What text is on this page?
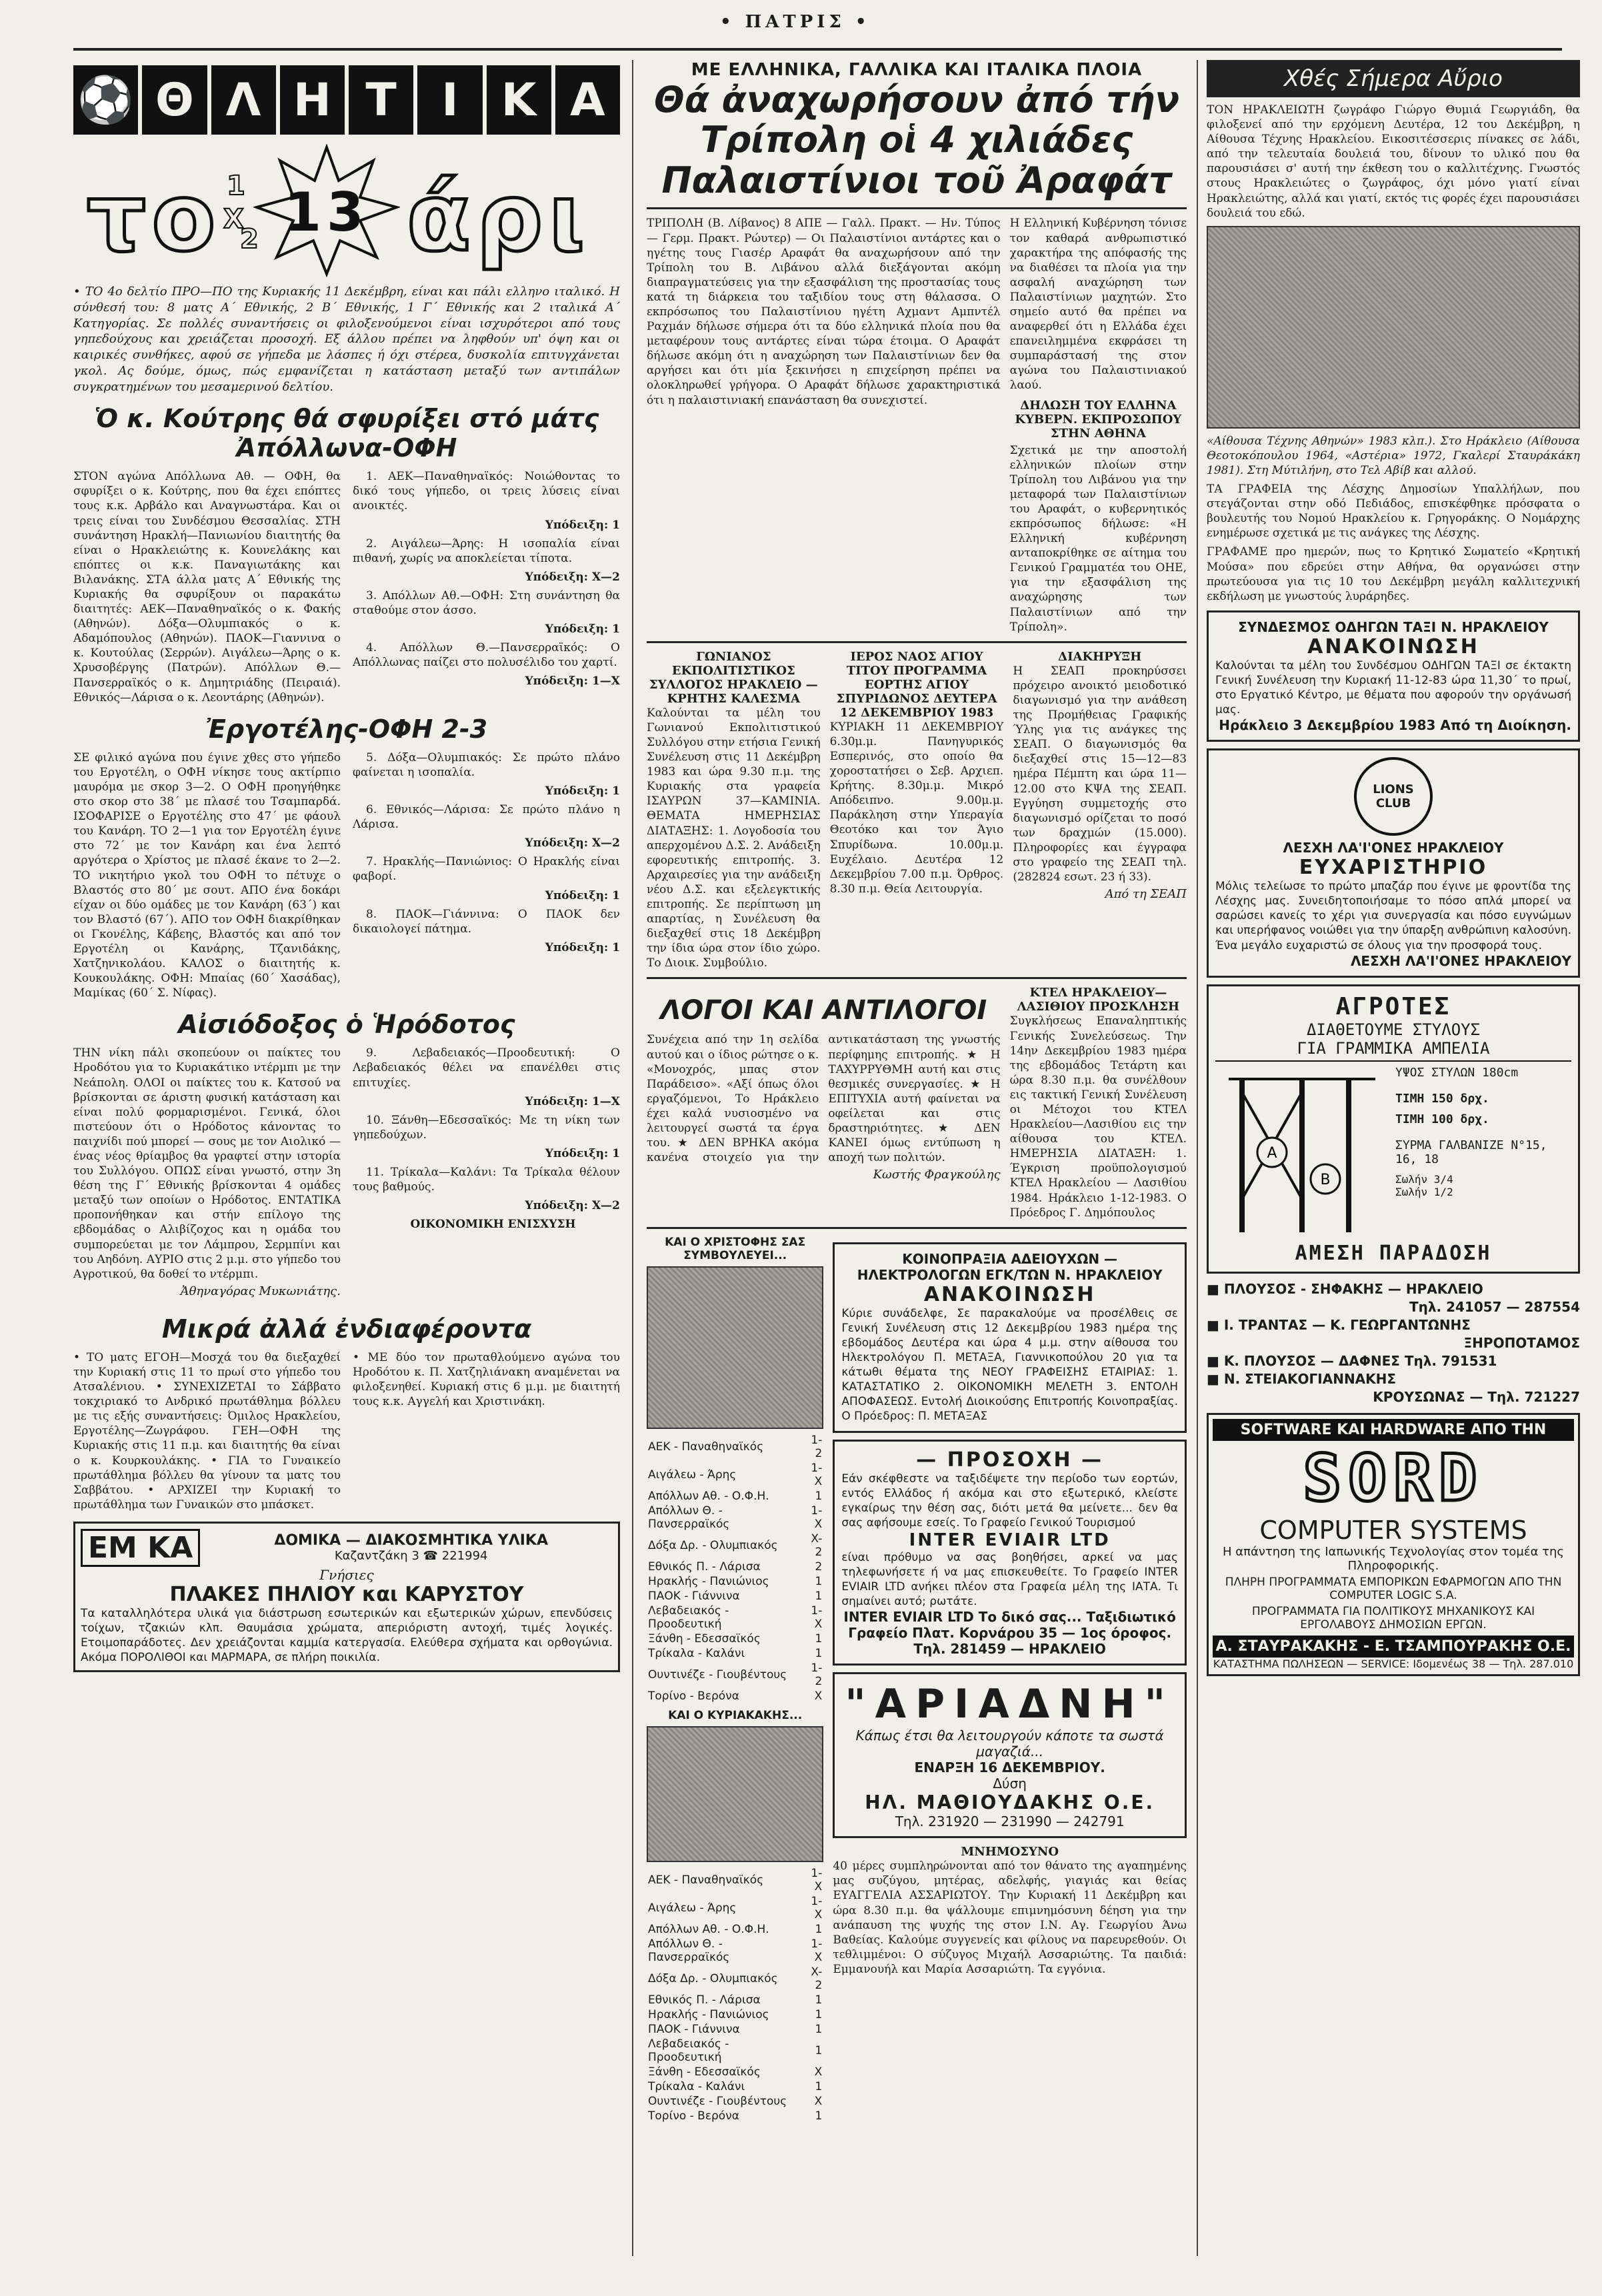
• ΠΑΤΡΙΣ •
⚽ Θ Λ Η Τ Ι Κ Α
13
το άρι
1
X
2
• ΤΟ 4ο δελτίο ΠΡΟ—ΠΟ της Κυριακής 11 Δεκέμβρη, είναι και πάλι ελληνο ιταλικό. Η σύνθεσή του: 8 ματς Α΄ Εθνικής, 2 Β΄ Εθνικής, 1 Γ΄ Εθνικής και 2 ιταλικά Α΄ Κατηγορίας. Σε πολλές συναντήσεις οι φιλοξενούμενοι είναι ισχυρότεροι από τους γηπεδούχους και χρειάζεται προσοχή. Εξ άλλου πρέπει να ληφθούν υπ' όψη και οι καιρικές συνθήκες, αφού σε γήπεδα με λάσπες ή όχι στέρεα, δυσκολία επιτυγχάνεται γκολ. Ας δούμε, όμως, πώς εμφανίζεται η κατάσταση μεταξύ των αντιπάλων συγκρατημένων του μεσαμερινού δελτίου.
Ὁ κ. Κούτρης θά σφυρίξει στό μάτς Ἀπόλλωνα-ΟΦΗ
ΣΤΟΝ αγώνα Απόλλωνα Αθ. — ΟΦΗ, θα σφυρίξει ο κ. Κούτρης, που θα έχει επόπτες τους κ.κ. Αρβάλο και Αναγνωστάρα. Και οι τρεις είναι του Συνδέσμου Θεσσαλίας. ΣΤΗ συνάντηση Ηρακλή—Πανιωνίου διαιτητής θα είναι ο Ηρακλειώτης κ. Κουνελάκης και επόπτες οι κ.κ. Παναγιωτάκης και Βιλανάκης. ΣΤΑ άλλα ματς Α΄ Εθνικής της Κυριακής θα σφυρίξουν οι παρακάτω διαιτητές: ΑΕΚ—Παναθηναϊκός ο κ. Φακής (Αθηνών). Δόξα—Ολυμπιακός ο κ. Αδαμόπουλος (Αθηνών). ΠΑΟΚ—Γιαννινα ο κ. Κουτούλας (Σερρών). Αιγάλεω—Άρης ο κ. Χρυσοβέργης (Πατρών). Απόλλων Θ.—Πανσερραϊκός ο κ. Δημητριάδης (Πειραιά). Εθνικός—Λάρισα ο κ. Λεοντάρης (Αθηνών).

1. ΑΕΚ—Παναθηναϊκός: Νοιώθοντας το δικό τους γήπεδο, οι τρεις λύσεις είναι ανοικτές.

Υπόδειξη: 1

2. Αιγάλεω—Άρης: Η ισοπαλία είναι πιθανή, χωρίς να αποκλείεται τίποτα.

Υπόδειξη: Χ—2

3. Απόλλων Αθ.—ΟΦΗ: Στη συνάντηση θα σταθούμε στον άσσο.

Υπόδειξη: 1

4. Απόλλων Θ.—Πανσερραϊκός: Ο Απόλλωνας παίζει στο πολυσέλιδο του χαρτί.

Υπόδειξη: 1—Χ

Ἐργοτέλης-ΟΦΗ 2-3
ΣΕ φιλικό αγώνα που έγινε χθες στο γήπεδο του Εργοτέλη, ο ΟΦΗ νίκησε τους ακτίρπιο μαυρόμα με σκορ 3—2. Ο ΟΦΗ προηγήθηκε στο σκορ στο 38΄ με πλασέ του Τσαμπαρδά. ΙΣΟΦΑΡΙΣΕ ο Εργοτέλης στο 47΄ με φάουλ του Κανάρη. ΤΟ 2—1 για τον Εργοτέλη έγινε στο 72΄ με τον Κανάρη και ένα λεπτό αργότερα ο Χρίστος με πλασέ έκανε το 2—2. ΤΟ νικητήριο γκολ του ΟΦΗ το πέτυχε ο Βλαστός στο 80΄ με σουτ. ΑΠΟ ένα δοκάρι είχαν οι δύο ομάδες με τον Κανάρη (63΄) και τον Βλαστό (67΄). ΑΠΟ τον ΟΦΗ διακρίθηκαν οι Γκονέλης, Κάβεης, Βλαστός και από τον Εργοτέλη οι Κανάρης, Τζανιδάκης, Χατζηνικολάου. ΚΑΛΟΣ ο διαιτητής κ. Κουκουλάκης. ΟΦΗ: Μπαίας (60΄ Χασάδας), Μαμίκας (60΄ Σ. Νίφας).

5. Δόξα—Ολυμπιακός: Σε πρώτο πλάνο φαίνεται η ισοπαλία.

Υπόδειξη: 1

6. Εθνικός—Λάρισα: Σε πρώτο πλάνο η Λάρισα.

Υπόδειξη: Χ—2

7. Ηρακλής—Πανιώνιος: Ο Ηρακλής είναι φαβορί.

Υπόδειξη: 1

8. ΠΑΟΚ—Γιάννινα: Ο ΠΑΟΚ δεν δικαιολογεί πάτημα.

Υπόδειξη: 1

Αἰσιόδοξος ὁ Ἡρόδοτος
ΤΗΝ νίκη πάλι σκοπεύουν οι παίκτες του Ηροδότου για το Κυριακάτικο ντέρμπι με την Νεάπολη. ΟΛΟΙ οι παίκτες του κ. Κατσού να βρίσκονται σε άριστη φυσική κατάσταση και είναι πολύ φορμαρισμένοι. Γενικά, όλοι πιστεύουν ότι ο Ηρόδοτος κάνοντας το παιχνίδι πού μπορεί — σους με τον Αιολικό — ένας νέος θρίαμβος θα γραφτεί στην ιστορία του Συλλόγου. ΟΠΩΣ είναι γνωστό, στην 3η θέση της Γ΄ Εθνικής βρίσκονται 4 ομάδες μεταξύ των οποίων ο Ηρόδοτος. ΕΝΤΑΤΙΚΑ προπονήθηκαν και στήν επίλογο της εβδομάδας ο Αλιβίζοχος και η ομάδα του συμπορεύεται με τον Λάμπρου, Σερμπίνι και του Αηδόνη. ΑΥΡΙΟ στις 2 μ.μ. στο γήπεδο του Αγροτικού, θα δοθεί το ντέρμπι.
Ἀθηναγόρας Μυκωνιάτης.

9. Λεβαδειακός—Προοδευτική: Ο Λεβαδειακός θέλει να επανέλθει στις επιτυχίες.

Υπόδειξη: 1—Χ

10. Ξάνθη—Εδεσσαϊκός: Με τη νίκη των γηπεδούχων.

Υπόδειξη: 1

11. Τρίκαλα—Καλάνι: Τα Τρίκαλα θέλουν τους βαθμούς.

Υπόδειξη: Χ—2

ΟΙΚΟΝΟΜΙΚΗ ΕΝΙΣΧΥΣΗ

Μικρά ἀλλά ἐνδιαφέροντα
• ΤΟ ματς ΕΓΟΗ—Μοσχά του θα διεξαχθεί την Κυριακή στις 11 το πρωί στο γήπεδο του Ατσαλένιου. • ΣΥΝΕΧΙΖΕΤΑΙ το Σάββατο τοκχιριακό το Ανδρικό πρωτάθλημα βόλλευ με τις εξής συναντήσεις: Όμιλος Ηρακλείου, Εργοτέλης—Ζωγράφου. ΓΕΗ—ΟΦΗ της Κυριακής στις 11 π.μ. και διαιτητής θα είναι ο κ. Κουρκουλάκης. • ΓΙΑ το Γυναικείο πρωτάθλημα βόλλευ θα γίνουν τα ματς του Σαββάτου. • ΑΡΧΙΖΕΙ την Κυριακή το πρωτάθλημα των Γυναικών στο μπάσκετ.
• ΜΕ δύο τον πρωταθλούμενο αγώνα του Ηροδότου κ. Π. Χατζηλιάνακη αναμένεται να φιλοξενηθεί. Κυριακή στις 6 μ.μ. με διαιτητή τους κ.κ. Αγγελή και Χριστινάκη.
ΕΜ ΚΑ	ΔΟΜΙΚΑ — ΔΙΑΚΟΣΜΗΤΙΚΑ ΥΛΙΚΑ
Καζαντζάκη 3 ☎ 221994
Γνήσιες
ΠΛΑΚΕΣ ΠΗΛΙΟΥ και ΚΑΡΥΣΤΟΥ
Τα καταλληλότερα υλικά για διάστρωση εσωτερικών και εξωτερικών χώρων, επενδύσεις τοίχων, τζακιών κλπ. Θαυμάσια χρώματα, απεριόριστη αντοχή, τιμές λογικές. Ετοιμοπαράδοτες. Δεν χρειάζονται καμμία κατεργασία. Ελεύθερα σχήματα και ορθογώνια. Ακόμα ΠΟΡΟΛΙΘΟΙ και ΜΑΡΜΑΡΑ, σε πλήρη ποικιλία.
ΜΕ ΕΛΛΗΝΙΚΑ, ΓΑΛΛΙΚΑ ΚΑΙ ΙΤΑΛΙΚΑ ΠΛΟΙΑ
Θά ἀναχωρήσουν ἀπό τήν Τρίπολη οἱ 4 χιλιάδες Παλαιστίνιοι τοῦ Ἀραφάτ
ΤΡΙΠΟΛΗ (Β. Λίβανος) 8 ΑΠΕ — Γαλλ. Πρακτ. — Ην. Τύπος — Γερμ. Πρακτ. Ρώυτερ) — Οι Παλαιστίνιοι αντάρτες και ο ηγέτης τους Γιασέρ Αραφάτ θα αναχωρήσουν από την Τρίπολη του Β. Λιβάνου αλλά διεξάγονται ακόμη διαπραγματεύσεις για την εξασφάλιση της προστασίας τους κατά τη διάρκεια του ταξιδίου τους στη θάλασσα. Ο εκπρόσωπος του Παλαιστίνιου ηγέτη Αχμαντ Αμπντέλ Ραχμάν δήλωσε σήμερα ότι τα δύο ελληνικά πλοία που θα μεταφέρουν τους αντάρτες είναι τώρα έτοιμα. Ο Αραφάτ δήλωσε ακόμη ότι η αναχώρηση των Παλαιστίνιων δεν θα αργήσει και ότι μία ξεκινήσει η επιχείρηση πρέπει να ολοκληρωθεί γρήγορα. Ο Αραφάτ δήλωσε χαρακτηριστικά ότι η παλαιστινιακή επανάσταση θα συνεχιστεί.
Η Ελληνική Κυβέρνηση τόνισε τον καθαρά ανθρωπιστικό χαρακτήρα της απόφασής της να διαθέσει τα πλοία για την ασφαλή αναχώρηση των Παλαιστίνιων μαχητών. Στο σημείο αυτό θα πρέπει να αναφερθεί ότι η Ελλάδα έχει επανειλημμένα εκφράσει τη συμπαράστασή της στον αγώνα του Παλαιστινιακού λαού.
ΔΗΛΩΣΗ ΤΟΥ ΕΛΛΗΝΑ ΚΥΒΕΡΝ. ΕΚΠΡΟΣΩΠΟΥ ΣΤΗΝ ΑΘΗΝΑ
Σχετικά με την αποστολή ελληνικών πλοίων στην Τρίπολη του Λιβάνου για την μεταφορά των Παλαιστίνιων του Αραφάτ, ο κυβερνητικός εκπρόσωπος δήλωσε: «Η Ελληνική κυβέρνηση ανταποκρίθηκε σε αίτημα του Γενικού Γραμματέα του ΟΗΕ, για την εξασφάλιση της αναχώρησης των Παλαιστίνιων από την Τρίπολη».
ΓΩΝΙΑΝΟΣ ΕΚΠΟΛΙΤΙΣΤΙΚΟΣ ΣΥΛΛΟΓΟΣ ΗΡΑΚΛΕΙΟ —ΚΡΗΤΗΣ ΚΑΛΕΣΜΑ
Καλούνται τα μέλη του Γωνιανού Εκπολιτιστικού Συλλόγου στην ετήσια Γενική Συνέλευση στις 11 Δεκέμβρη 1983 και ώρα 9.30 π.μ. της Κυριακής στα γραφεία ΙΣΑΥΡΩΝ 37—ΚΑΜΙΝΙΑ. ΘΕΜΑΤΑ ΗΜΕΡΗΣΙΑΣ ΔΙΑΤΑΞΗΣ: 1. Λογοδοσία του απερχομένου Δ.Σ. 2. Ανάδειξη εφορευτικής επιτροπής. 3. Αρχαιρεσίες για την ανάδειξη νέου Δ.Σ. και εξελεγκτικής επιτροπής. Σε περίπτωση μη απαρτίας, η Συνέλευση θα διεξαχθεί στις 18 Δεκέμβρη την ίδια ώρα στον ίδιο χώρο. Το Διοικ. Συμβούλιο.
ΙΕΡΟΣ ΝΑΟΣ ΑΓΙΟΥ ΤΙΤΟΥ ΠΡΟΓΡΑΜΜΑ ΕΟΡΤΗΣ ΑΓΙΟΥ ΣΠΥΡΙΔΩΝΟΣ ΔΕΥΤΕΡΑ 12 ΔΕΚΕΜΒΡΙΟΥ 1983
ΚΥΡΙΑΚΗ 11 ΔΕΚΕΜΒΡΙΟΥ 6.30μ.μ. Πανηγυρικός Εσπερινός, στο οποίο θα χοροστατήσει ο Σεβ. Αρχιεπ. Κρήτης. 8.30μ.μ. Μικρό Απόδειπνο. 9.00μ.μ. Παράκληση στην Υπεραγία Θεοτόκο και τον Άγιο Σπυρίδωνα. 10.00μ.μ. Ευχέλαιο. Δευτέρα 12 Δεκεμβρίου 7.00 π.μ. Όρθρος. 8.30 π.μ. Θεία Λειτουργία.
ΔΙΑΚΗΡΥΞΗ
Η ΣΕΑΠ προκηρύσσει πρόχειρο ανοικτό μειοδοτικό διαγωνισμό για την ανάθεση της Προμήθειας Γραφικής Ύλης για τις ανάγκες της ΣΕΑΠ. Ο διαγωνισμός θα διεξαχθεί στις 15—12—83 ημέρα Πέμπτη και ώρα 11—12.00 στο ΚΨΑ της ΣΕΑΠ. Εγγύηση συμμετοχής στο διαγωνισμό ορίζεται το ποσό των δραχμών (15.000). Πληροφορίες και έγγραφα στο γραφείο της ΣΕΑΠ τηλ. (282824 εσωτ. 23 ή 33).
Από τη ΣΕΑΠ
ΛΟΓΟΙ ΚΑΙ ΑΝΤΙΛΟΓΟΙ
Συνέχεια από την 1η σελίδα αυτού και ο ίδιος ρώτησε ο κ. «Μονοχρός, μπας στον Παράδεισο». «Αξί όπως όλοι εργαζόμενοι, Το Ηράκλειο έχει καλά νυσιοσμένο να λειτουργεί σωστά τα έργα του. ★ ΔΕΝ ΒΡΗΚΑ ακόμα κανένα στοιχείο για την αντικατάσταση της γνωστής περίφημης επιτροπής. ★ Η ΤΑΧΥΡΡΥΘΜΗ αυτή και στις θεσμικές συνεργασίες. ★ Η ΕΠΙΤΥΧΙΑ αυτή φαίνεται να οφείλεται και στις δραστηριότητες. ★ ΔΕΝ ΚΑΝΕΙ όμως εντύπωση η αποχή των πολιτών.
Κωστής Φραγκούλης
ΚΤΕΛ ΗΡΑΚΛΕΙΟΥ—ΛΑΣΙΘΙΟΥ ΠΡΟΣΚΛΗΣΗ
Συγκλήσεως Επαναληπτικής Γενικής Συνελεύσεως. Την 14ην Δεκεμβρίου 1983 ημέρα της εβδομάδος Τετάρτη και ώρα 8.30 π.μ. θα συνέλθουν εις τακτική Γενική Συνέλευση οι Μέτοχοι του ΚΤΕΛ Ηρακλείου—Λασιθίου εις την αίθουσα του ΚΤΕΛ. ΗΜΕΡΗΣΙΑ ΔΙΑΤΑΞΗ: 1. Έγκριση προϋπολογισμού ΚΤΕΛ Ηρακλείου — Λασιθίου 1984. Ηράκλειο 1-12-1983. Ο Πρόεδρος Γ. Δημόπουλος
ΚΑΙ Ο ΧΡΙΣΤΟΦΗΣ ΣΑΣ ΣΥΜΒΟΥΛΕΥΕΙ...
ΑΕΚ - Παναθηναϊκός	1-2
Αιγάλεω - Άρης	1-X
Απόλλων Αθ. - Ο.Φ.Η.	1
Απόλλων Θ. - Πανσερραϊκός	1-X
Δόξα Δρ. - Ολυμπιακός	X-2
Εθνικός Π. - Λάρισα	2
Ηρακλής - Πανιώνιος	1
ΠΑΟΚ - Γιάννινα	1
Λεβαδειακός - Προοδευτική	1-X
Ξάνθη - Εδεσσαϊκός	1
Τρίκαλα - Καλάνι	1
Ουντινέζε - Γιουβέντους	1-2
Τορίνο - Βερόνα	X
ΚΑΙ Ο ΚΥΡΙΑΚΑΚΗΣ...
ΑΕΚ - Παναθηναϊκός	1-X
Αιγάλεω - Άρης	1-X
Απόλλων Αθ. - Ο.Φ.Η.	1
Απόλλων Θ. - Πανσερραϊκός	1-X
Δόξα Δρ. - Ολυμπιακός	X-2
Εθνικός Π. - Λάρισα	1
Ηρακλής - Πανιώνιος	1
ΠΑΟΚ - Γιάννινα	1
Λεβαδειακός - Προοδευτική	1
Ξάνθη - Εδεσσαϊκός	X
Τρίκαλα - Καλάνι	1
Ουντινέζε - Γιουβέντους	X
Τορίνο - Βερόνα	1
ΚΟΙΝΟΠΡΑΞΙΑ ΑΔΕΙΟΥΧΩΝ — ΗΛΕΚΤΡΟΛΟΓΩΝ ΕΓΚ/ΤΩΝ Ν. ΗΡΑΚΛΕΙΟΥ
ΑΝΑΚΟΙΝΩΣΗ
Κύριε συνάδελφε, Σε παρακαλούμε να προσέλθεις σε Γενική Συνέλευση στις 12 Δεκεμβρίου 1983 ημέρα της εβδομάδος Δευτέρα και ώρα 4 μ.μ. στην αίθουσα του Ηλεκτρολόγου Π. ΜΕΤΑΞΑ, Γιαννικοπούλου 20 για τα κάτωθι θέματα της ΝΕΟΥ ΓΡΑΦΕΙΣΗΣ ΕΤΑΙΡΙΑΣ: 1. ΚΑΤΑΣΤΑΤΙΚΟ 2. ΟΙΚΟΝΟΜΙΚΗ ΜΕΛΕΤΗ 3. ΕΝΤΟΛΗ ΑΠΟΦΑΣΕΩΣ. Εντολή Διοικούσης Επιτροπής Κοινοπραξίας. Ο Πρόεδρος: Π. ΜΕΤΑΞΑΣ
— ΠΡΟΣΟΧΗ —
Εάν σκέφθεστε να ταξιδέψετε την περίοδο των εορτών, εντός Ελλάδος ή ακόμα και στο εξωτερικό, κλείστε εγκαίρως την θέση σας, διότι μετά θα μείνετε... δεν θα σας αφήσουμε εσείς. Το Γραφείο Γενικού Τουρισμού
INTER EVIAIR LTD
είναι πρόθυμο να σας βοηθήσει, αρκεί να μας τηλεφωνήσετε ή να μας επισκευθείτε. Το Γραφείο INTER EVIAIR LTD ανήκει πλέον στα Γραφεία μέλη της ΙΑΤΑ. Τι σημαίνει αυτό; ρωτάτε.
INTER EVIAIR LTD Το δικό σας... Ταξιδιωτικό Γραφείο Πλατ. Κορνάρου 35 — 1ος όροφος. Τηλ. 281459 — ΗΡΑΚΛΕΙΟ
"ΑΡΙΑΔΝΗ"
Κάπως έτσι θα λειτουργούν κάποτε τα σωστά μαγαζιά...
ΕΝΑΡΞΗ 16 ΔΕΚΕΜΒΡΙΟΥ.
Δύση
ΗΛ. ΜΑΘΙΟΥΔΑΚΗΣ Ο.Ε.
Τηλ. 231920 — 231990 — 242791
ΜΝΗΜΟΣΥΝΟ
40 μέρες συμπληρώνονται από τον θάνατο της αγαπημένης μας συζύγου, μητέρας, αδελφής, γιαγιάς και θείας ΕΥΑΓΓΕΛΙΑ ΑΣΣΑΡΙΩΤΟΥ. Την Κυριακή 11 Δεκέμβρη και ώρα 8.30 π.μ. θα ψάλλουμε επιμνημόσυνη δέηση για την ανάπαυση της ψυχής της στον Ι.Ν. Αγ. Γεωργίου Άνω Βαθείας. Καλούμε συγγενείς και φίλους να παρευρεθούν. Οι τεθλιμμένοι: Ο σύζυγος Μιχαήλ Ασσαριώτης. Τα παιδιά: Εμμανουήλ και Μαρία Ασσαριώτη. Τα εγγόνια.
Χθές Σήμερα Αὔριο
ΤΟΝ ΗΡΑΚΛΕΙΩΤΗ ζωγράφο Γιώργο Θυμιά Γεωργιάδη, θα φιλοξενεί από την ερχόμενη Δευτέρα, 12 του Δεκέμβρη, η Αίθουσα Τέχνης Ηρακλείου. Εικοσιτέσσερις πίνακες σε λάδι, από την τελευταία δουλειά του, δίνουν το υλικό που θα παρουσιάσει σ' αυτή την έκθεση του ο καλλιτέχνης. Γνωστός στους Ηρακλειώτες ο ζωγράφος, όχι μόνο γιατί είναι Ηρακλειώτης, αλλά και γιατί, εκτός τις φορές έχει παρουσιάσει δουλειά του εδώ.
«Αίθουσα Τέχνης Αθηνών» 1983 κλπ.). Στο Ηράκλειο (Αίθουσα Θεοτοκόπουλου 1964, «Αστέρια» 1972, Γκαλερί Σταυράκάκη 1981). Στη Μύτιλήνη, στο Τελ Αβίβ και αλλού.
ΤΑ ΓΡΑΦΕΙΑ της Λέσχης Δημοσίων Υπαλλήλων, που στεγάζονται στην οδό Πεδιάδος, επισκέφθηκε πρόσφατα ο βουλευτής του Νομού Ηρακλείου κ. Γρηγοράκης. Ο Νομάρχης ενημέρωσε σχετικά με τις ανάγκες της Λέσχης.
ΓΡΑΦΑΜΕ προ ημερών, πως το Κρητικό Σωματείο «Κρητική Μούσα» που εδρεύει στην Αθήνα, θα οργανώσει στην πρωτεύουσα για τις 10 του Δεκέμβρη μεγάλη καλλιτεχνική εκδήλωση με γνωστούς λυράρηδες.
ΣΥΝΔΕΣΜΟΣ ΟΔΗΓΩΝ ΤΑΞΙ Ν. ΗΡΑΚΛΕΙΟΥ
ΑΝΑΚΟΙΝΩΣΗ
Καλούνται τα μέλη του Συνδέσμου ΟΔΗΓΩΝ ΤΑΞΙ σε έκτακτη Γενική Συνέλευση την Κυριακή 11-12-83 ώρα 11,30΄ το πρωί, στο Εργατικό Κέντρο, με θέματα που αφορούν την οργάνωσή μας.
Ηράκλειο 3 Δεκεμβρίου 1983 Από τη Διοίκηση.
LIONS CLUB
ΛΕΣΧΗ ΛΑ'Ι'ΟΝΕΣ ΗΡΑΚΛΕΙΟΥ
ΕΥΧΑΡΙΣΤΗΡΙΟ
Μόλις τελείωσε το πρώτο μπαζάρ που έγινε με φροντίδα της Λέσχης μας. Συνειδητοποιήσαμε το πόσο απλά μπορεί να σαρώσει κανείς το χέρι για συνεργασία και πόσο ευγνώμων και υπερήφανος νοιώθει για την ύπαρξη ανθρώπινη καλοσύνη. Ένα μεγάλο ευχαριστώ σε όλους για την προσφορά τους.
ΛΕΣΧΗ ΛΑ'Ι'ΟΝΕΣ ΗΡΑΚΛΕΙΟΥ
ΑΓΡΟΤΕΣ
ΔΙΑΘΕΤΟΥΜΕ ΣΤΥΛΟΥΣ
ΓΙΑ ΓΡΑΜΜΙΚΑ ΑΜΠΕΛΙΑ
A
B
ΥΨΟΣ ΣΤΥΛΩΝ 180cm
ΤΙΜΗ 150 δρχ.
ΤΙΜΗ 100 δρχ.
ΣΥΡΜΑ ΓΑΛΒΑΝΙΖΕ Ν°15, 16, 18
Σωλήν 3/4
Σωλήν 1/2
ΑΜΕΣΗ ΠΑΡΑΔΟΣΗ
■ ΠΛΟΥΣΟΣ - ΣΗΦΑΚΗΣ — ΗΡΑΚΛΕΙΟ
Τηλ. 241057 — 287554
■ Ι. ΤΡΑΝΤΑΣ — Κ. ΓΕΩΡΓΑΝΤΩΝΗΣ
ΞΗΡΟΠΟΤΑΜΟΣ
■ Κ. ΠΛΟΥΣΟΣ — ΔΑΦΝΕΣ Τηλ. 791531
■ Ν. ΣΤΕΙΑΚΟΓΙΑΝΝΑΚΗΣ
ΚΡΟΥΣΩΝΑΣ — Τηλ. 721227
SOFTWARE ΚΑΙ HARDWARE ΑΠΟ ΤΗΝ
SORD
COMPUTER SYSTEMS
Η απάντηση της Ιαπωνικής Τεχνολογίας στον τομέα της Πληροφορικής.
ΠΛΗΡΗ ΠΡΟΓΡΑΜΜΑΤΑ ΕΜΠΟΡΙΚΩΝ ΕΦΑΡΜΟΓΩΝ ΑΠΟ ΤΗΝ COMPUTER LOGIC S.A.
ΠΡΟΓΡΑΜΜΑΤΑ ΓΙΑ ΠΟΛΙΤΙΚΟΥΣ ΜΗΧΑΝΙΚΟΥΣ ΚΑΙ ΕΡΓΟΛΑΒΟΥΣ ΔΗΜΟΣΙΩΝ ΕΡΓΩΝ.
Α. ΣΤΑΥΡΑΚΑΚΗΣ - Ε. ΤΣΑΜΠΟΥΡΑΚΗΣ Ο.Ε.
ΚΑΤΑΣΤΗΜΑ ΠΩΛΗΣΕΩΝ — SERVICE: Ιδομενέως 38 — Τηλ. 287.010
